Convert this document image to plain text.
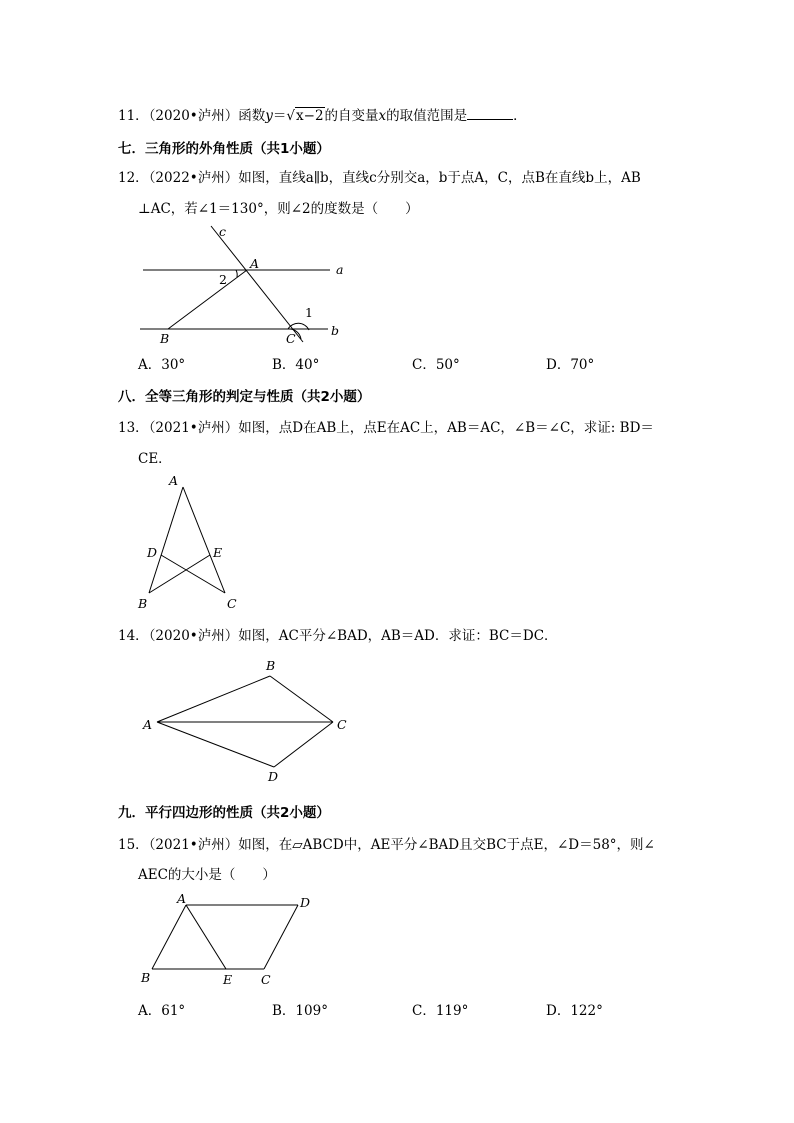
11．（2020•泸州）函数y＝√x−2的自变量x的取值范围是	．
七．三角形的外角性质（共1小题）
12．（2022•泸州）如图，直线a∥b，直线c分别交a，b于点A，C，点B在直线b上，AB
⊥AC，若∠1＝130°，则∠2的度数是（　　）
c
A	a
2
1
B	C
b
A．30°	B．40°	C．50°	D．70°
八．全等三角形的判定与性质（共2小题）
13．（2021•泸州）如图，点D在AB上，点E在AC上，AB＝AC，∠B＝∠C，求证: BD＝
CE．
A
D	E
B	C
14．（2020•泸州）如图，AC平分∠BAD，AB＝AD．求证：BC＝DC．
B
A	C
D
九．平行四边形的性质（共2小题）
15．（2021•泸州）如图，在▱ABCD中，AE平分∠BAD且交BC于点E，∠D＝58°，则∠
AEC的大小是（　　）
A	D
B	E C
A．61°	B．109°	C．119°	D．122°
